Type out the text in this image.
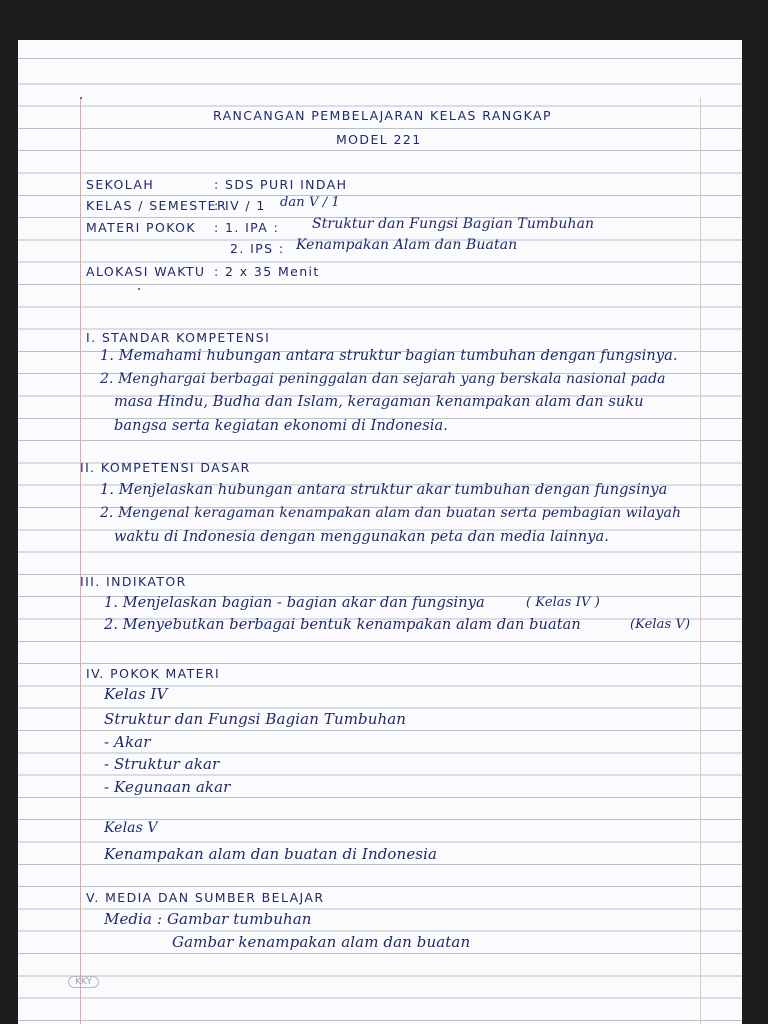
RANCANGAN PEMBELAJARAN KELAS RANGKAP
MODEL 221
SEKOLAH	: SDS PURI INDAH
KELAS / SEMESTER
: IV / 1 dan V / 1
MATERI POKOK : 1. IPA : Struktur dan Fungsi Bagian Tumbuhan
2. IPS : Kenampakan Alam dan Buatan
ALOKASI WAKTU : 2 x 35 Menit
I. STANDAR KOMPETENSI
1. Memahami hubungan antara struktur bagian tumbuhan dengan fungsinya.
2. Menghargai berbagai peninggalan dan sejarah yang berskala nasional pada
masa Hindu, Budha dan Islam, keragaman kenampakan alam dan suku
bangsa serta kegiatan ekonomi di Indonesia.
II. KOMPETENSI DASAR
1. Menjelaskan hubungan antara struktur akar tumbuhan dengan fungsinya
2. Mengenal keragaman kenampakan alam dan buatan serta pembagian wilayah
waktu di Indonesia dengan menggunakan peta dan media lainnya.
III. INDIKATOR
1. Menjelaskan bagian - bagian akar dan fungsinya	( Kelas IV )
2. Menyebutkan berbagai bentuk kenampakan alam dan buatan	(Kelas V)
IV. POKOK MATERI
Kelas IV
Struktur dan Fungsi Bagian Tumbuhan
- Akar
- Struktur akar
- Kegunaan akar
Kelas V
Kenampakan alam dan buatan di Indonesia
V. MEDIA DAN SUMBER BELAJAR
Media : Gambar tumbuhan
Gambar kenampakan alam dan buatan
KKY
